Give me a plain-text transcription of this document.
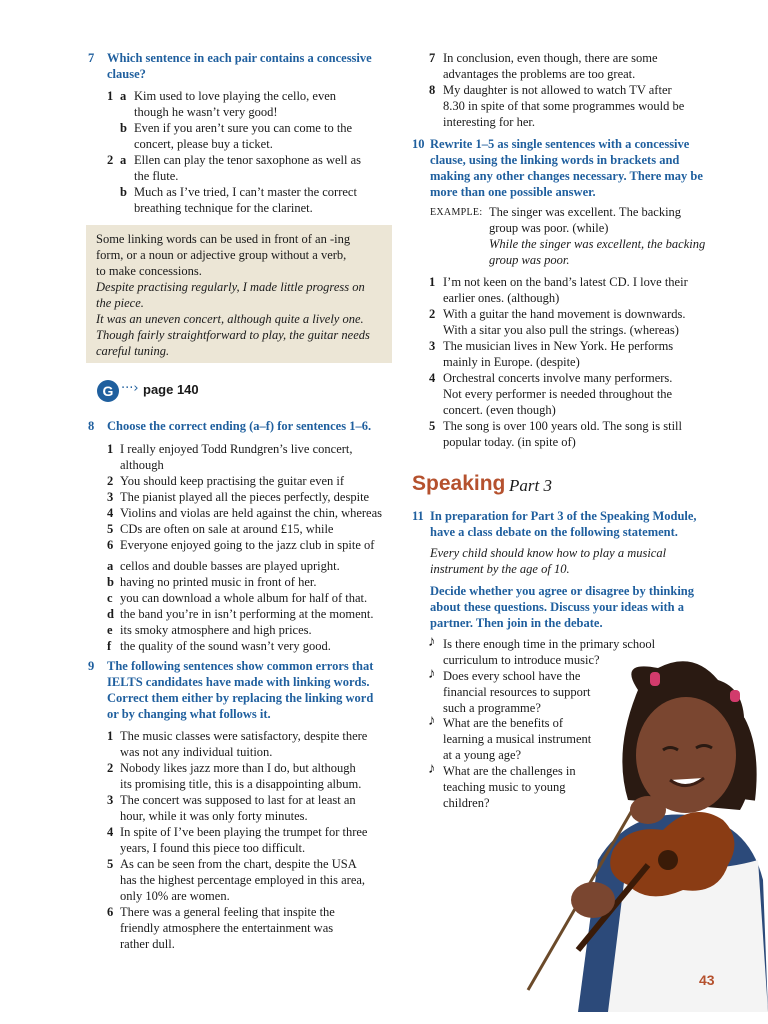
7 Which sentence in each pair contains a concessive
clause?
1 a Kim used to love playing the cello, even
though he wasn’t very good!
b Even if you aren’t sure you can come to the
concert, please buy a ticket.
2 a Ellen can play the tenor saxophone as well as
the flute.
b Much as I’ve tried, I can’t master the correct
breathing technique for the clarinet.
Some linking words can be used in front of an -ing
form, or a noun or adjective group without a verb,
to make concessions.
Despite practising regularly, I made little progress on
the piece.
It was an uneven concert, although quite a lively one.
Though fairly straightforward to play, the guitar needs
careful tuning.
G ···› page 140
8 Choose the correct ending (a–f) for sentences 1–6.
1 I really enjoyed Todd Rundgren’s live concert,
although
2 You should keep practising the guitar even if
3 The pianist played all the pieces perfectly, despite
4 Violins and violas are held against the chin, whereas
5 CDs are often on sale at around £15, while
6 Everyone enjoyed going to the jazz club in spite of
a cellos and double basses are played upright.
b having no printed music in front of her.
c you can download a whole album for half of that.
d the band you’re in isn’t performing at the moment.
e its smoky atmosphere and high prices.
f the quality of the sound wasn’t very good.
9 The following sentences show common errors that
IELTS candidates have made with linking words.
Correct them either by replacing the linking word
or by changing what follows it.
1 The music classes were satisfactory, despite there
was not any individual tuition.
2 Nobody likes jazz more than I do, but although
its promising title, this is a disappointing album.
3 The concert was supposed to last for at least an
hour, while it was only forty minutes.
4 In spite of I’ve been playing the trumpet for three
years, I found this piece too difficult.
5 As can be seen from the chart, despite the USA
has the highest percentage employed in this area,
only 10% are women.
6 There was a general feeling that inspite the
friendly atmosphere the entertainment was
rather dull.
7 In conclusion, even though, there are some
advantages the problems are too great.
8 My daughter is not allowed to watch TV after
8.30 in spite of that some programmes would be
interesting for her.
10 Rewrite 1–5 as single sentences with a concessive
clause, using the linking words in brackets and
making any other changes necessary. There may be
more than one possible answer.
EXAMPLE: The singer was excellent. The backing
group was poor. (while)
While the singer was excellent, the backing
group was poor.
1 I’m not keen on the band’s latest CD. I love their
earlier ones. (although)
2 With a guitar the hand movement is downwards.
With a sitar you also pull the strings. (whereas)
3 The musician lives in New York. He performs
mainly in Europe. (despite)
4 Orchestral concerts involve many performers.
Not every performer is needed throughout the
concert. (even though)
5 The song is over 100 years old. The song is still
popular today. (in spite of)
Speaking Part 3
11 In preparation for Part 3 of the Speaking Module,
have a class debate on the following statement.
Every child should know how to play a musical
instrument by the age of 10.
Decide whether you agree or disagree by thinking
about these questions. Discuss your ideas with a
partner. Then join in the debate.
♪ Is there enough time in the primary school
curriculum to introduce music?
♪ Does every school have the
financial resources to support
such a programme?
♪ What are the benefits of
learning a musical instrument
at a young age?
♪ What are the challenges in
teaching music to young
children?
43
